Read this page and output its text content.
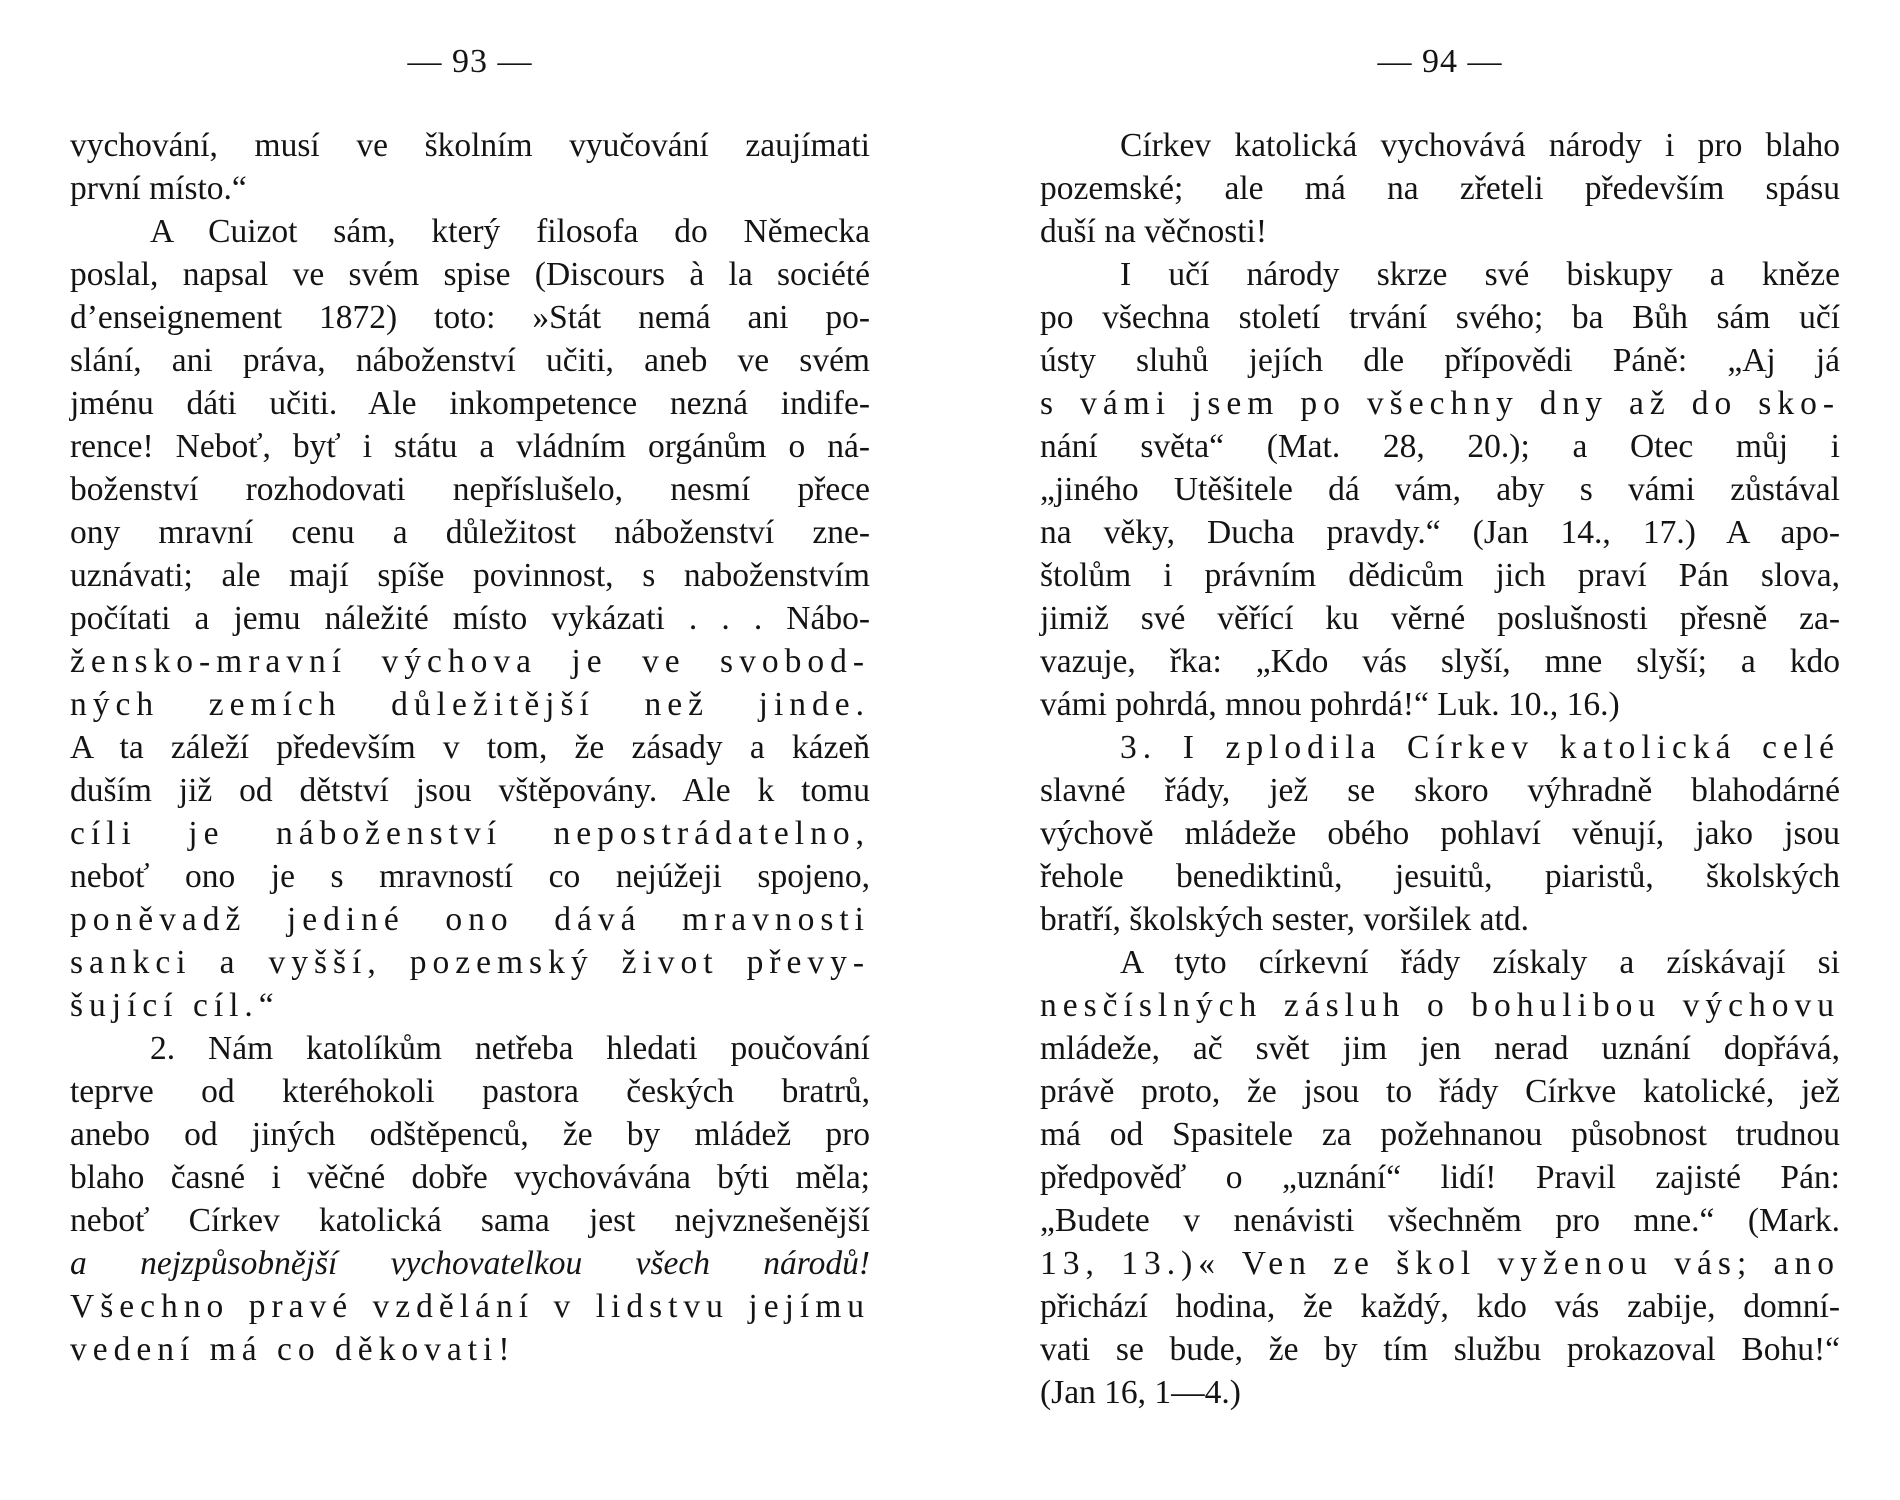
— 93 —
vychování, musí ve školním vyučování zaujímati
první místo.“
A Cuizot sám, který filosofa do Německa
poslal, napsal ve svém spise (Discours à la société
d’enseignement 1872) toto: »Stát nemá ani po-
slání, ani práva, náboženství učiti, aneb ve svém
jménu dáti učiti. Ale inkompetence nezná indife-
rence! Neboť, byť i státu a vládním orgánům o ná-
boženství rozhodovati nepříslušelo, nesmí přece
ony mravní cenu a důležitost náboženství zne-
uznávati; ale mají spíše povinnost, s naboženstvím
počítati a jemu náležité místo vykázati . . . Nábo-
žensko-mravní výchova je ve svobod-
ných zemích důležitější než jinde.
A ta záleží především v tom, že zásady a kázeň
duším již od dětství jsou vštěpovány. Ale k tomu
cíli je náboženství nepostrádatelno,
neboť ono je s mravností co nejúžeji spojeno,
poněvadž jediné ono dává mravnosti
sankci a vyšší, pozemský život převy-
šující cíl.“
2. Nám katolíkům netřeba hledati poučování
teprve od kteréhokoli pastora českých bratrů,
anebo od jiných odštěpenců, že by mládež pro
blaho časné i věčné dobře vychovávána býti měla;
neboť Církev katolická sama jest nejvznešenější
a nejzpůsobnější vychovatelkou všech národů!
Všechno pravé vzdělání v lidstvu jejímu
vedení má co děkovati!
— 94 —
Církev katolická vychovává národy i pro blaho
pozemské; ale má na zřeteli především spásu
duší na věčnosti!
I učí národy skrze své biskupy a kněze
po všechna století trvání svého; ba Bůh sám učí
ústy sluhů jejích dle přípovědi Páně: „Aj já
s vámi jsem po všechny dny až do sko-
nání světa“ (Mat. 28, 20.); a Otec můj i
„jiného Utěšitele dá vám, aby s vámi zůstával
na věky, Ducha pravdy.“ (Jan 14., 17.) A apo-
štolům i právním dědicům jich praví Pán slova,
jimiž své věřící ku věrné poslušnosti přesně za-
vazuje, řka: „Kdo vás slyší, mne slyší; a kdo
vámi pohrdá, mnou pohrdá!“ Luk. 10., 16.)
3. I zplodila Církev katolická celé
slavné řády, jež se skoro výhradně blahodárné
výchově mládeže obého pohlaví věnují, jako jsou
řehole benediktinů, jesuitů, piaristů, školských
bratří, školských sester, voršilek atd.
A tyto církevní řády získaly a získávají si
nesčíslných zásluh o bohulibou výchovu
mládeže, ač svět jim jen nerad uznání dopřává,
právě proto, že jsou to řády Církve katolické, jež
má od Spasitele za požehnanou působnost trudnou
předpověď o „uznání“ lidí! Pravil zajisté Pán:
„Budete v nenávisti všechněm pro mne.“ (Mark.
13, 13.)« Ven ze škol vyženou vás; ano
přichází hodina, že každý, kdo vás zabije, domní-
vati se bude, že by tím službu prokazoval Bohu!“
(Jan 16, 1—4.)
